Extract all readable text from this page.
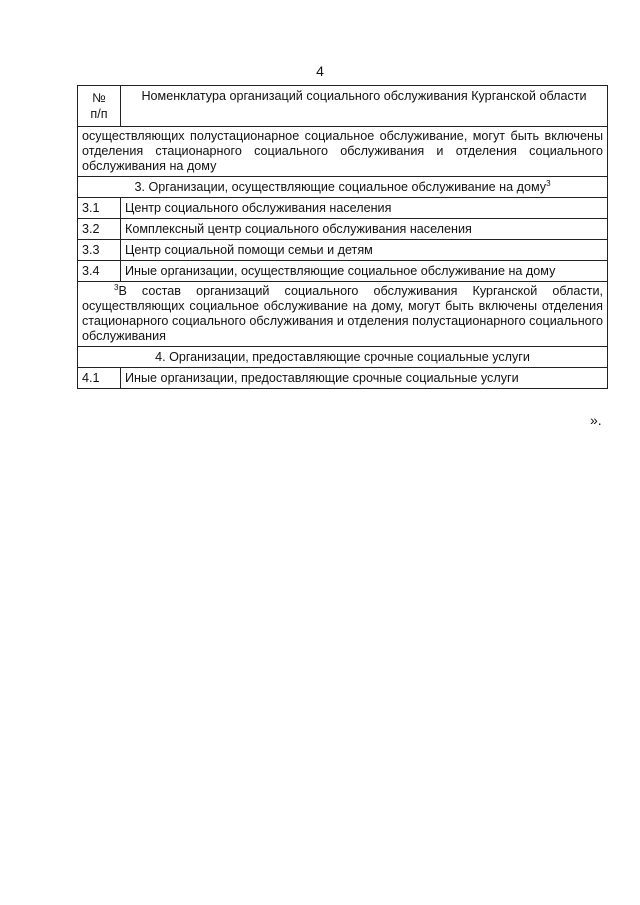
4
№
п/п	Номенклатура организаций социального обслуживания Курганской области
осуществляющих полустационарное социальное обслуживание, могут быть включены отделения стационарного социального обслуживания и отделения социального обслуживания на дому	
3. Организации, осуществляющие социальное обслуживание на дому$^3$
3.1	Центр социального обслуживания населения
3.2	Комплексный центр социального обслуживания населения
3.3	Центр социальной помощи семьи и детям
3.4	Иные организации, осуществляющие социальное обслуживание на дому
$^3$В состав организаций социального обслуживания Курганской области, осуществляющих социальное обслуживание на дому, могут быть включены отделения стационарного социального обслуживания и отделения полустационарного социального обслуживания	
4. Организации, предоставляющие срочные социальные услуги	
4.1	Иные организации, предоставляющие срочные социальные услуги
».
